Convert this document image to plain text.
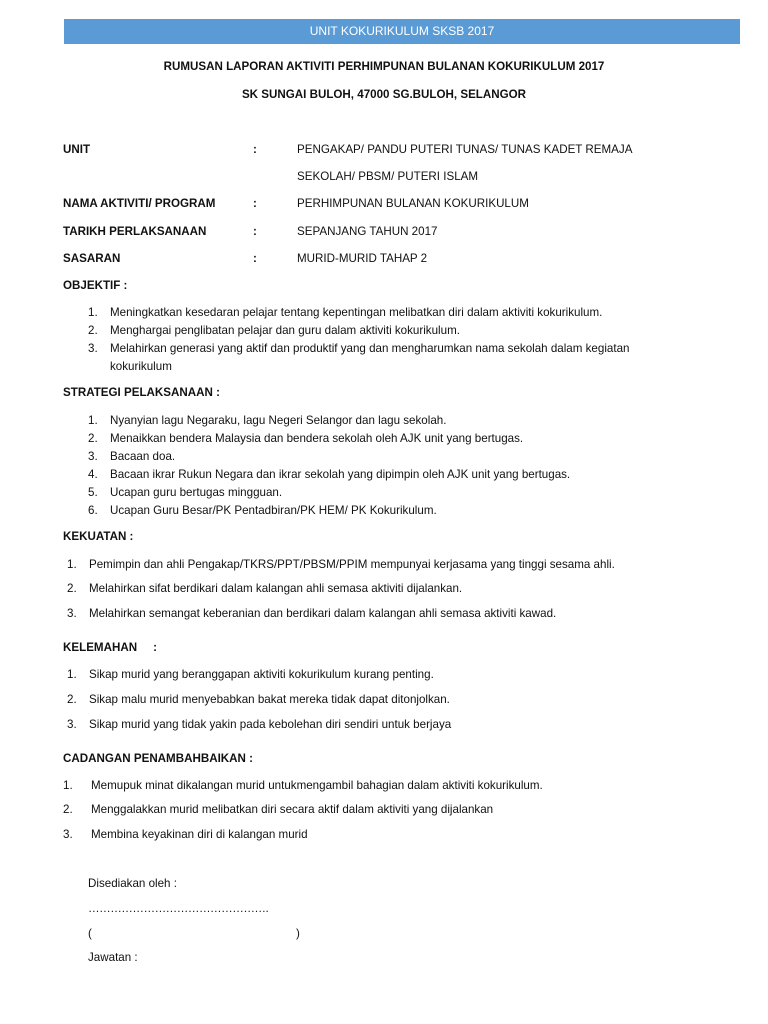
UNIT KOKURIKULUM SKSB 2017
RUMUSAN LAPORAN AKTIVITI PERHIMPUNAN BULANAN KOKURIKULUM 2017
SK SUNGAI BULOH, 47000 SG.BULOH, SELANGOR
UNIT	:	PENGAKAP/ PANDU PUTERI TUNAS/ TUNAS KADET REMAJA
SEKOLAH/ PBSM/ PUTERI ISLAM
NAMA AKTIVITI/ PROGRAM	:	PERHIMPUNAN BULANAN KOKURIKULUM
TARIKH PERLAKSANAAN	:	SEPANJANG TAHUN 2017
SASARAN	:	MURID-MURID TAHAP 2
OBJEKTIF :
1. Meningkatkan kesedaran pelajar tentang kepentingan melibatkan diri dalam aktiviti kokurikulum.
2. Menghargai penglibatan pelajar dan guru dalam aktiviti kokurikulum.
3. Melahirkan generasi yang aktif dan produktif yang dan mengharumkan nama sekolah dalam kegiatan
kokurikulum
STRATEGI PELAKSANAAN :
1. Nyanyian lagu Negaraku, lagu Negeri Selangor dan lagu sekolah.
2. Menaikkan bendera Malaysia dan bendera sekolah oleh AJK unit yang bertugas.
3. Bacaan doa.
4. Bacaan ikrar Rukun Negara dan ikrar sekolah yang dipimpin oleh AJK unit yang bertugas.
5. Ucapan guru bertugas mingguan.
6. Ucapan Guru Besar/PK Pentadbiran/PK HEM/ PK Kokurikulum.
KEKUATAN :
1. Pemimpin dan ahli Pengakap/TKRS/PPT/PBSM/PPIM mempunyai kerjasama yang tinggi sesama ahli.
2. Melahirkan sifat berdikari dalam kalangan ahli semasa aktiviti dijalankan.
3. Melahirkan semangat keberanian dan berdikari dalam kalangan ahli semasa aktiviti kawad.
KELEMAHAN     :
1. Sikap murid yang beranggapan aktiviti kokurikulum kurang penting.
2. Sikap malu murid menyebabkan bakat mereka tidak dapat ditonjolkan.
3. Sikap murid yang tidak yakin pada kebolehan diri sendiri untuk berjaya
CADANGAN PENAMBAHBAIKAN :
1. Memupuk minat dikalangan murid untukmengambil bahagian dalam aktiviti kokurikulum.
2. Menggalakkan murid melibatkan diri secara aktif dalam aktiviti yang dijalankan
3. Membina keyakinan diri di kalangan murid
Disediakan oleh :
………………………………………….
(	)
Jawatan :
